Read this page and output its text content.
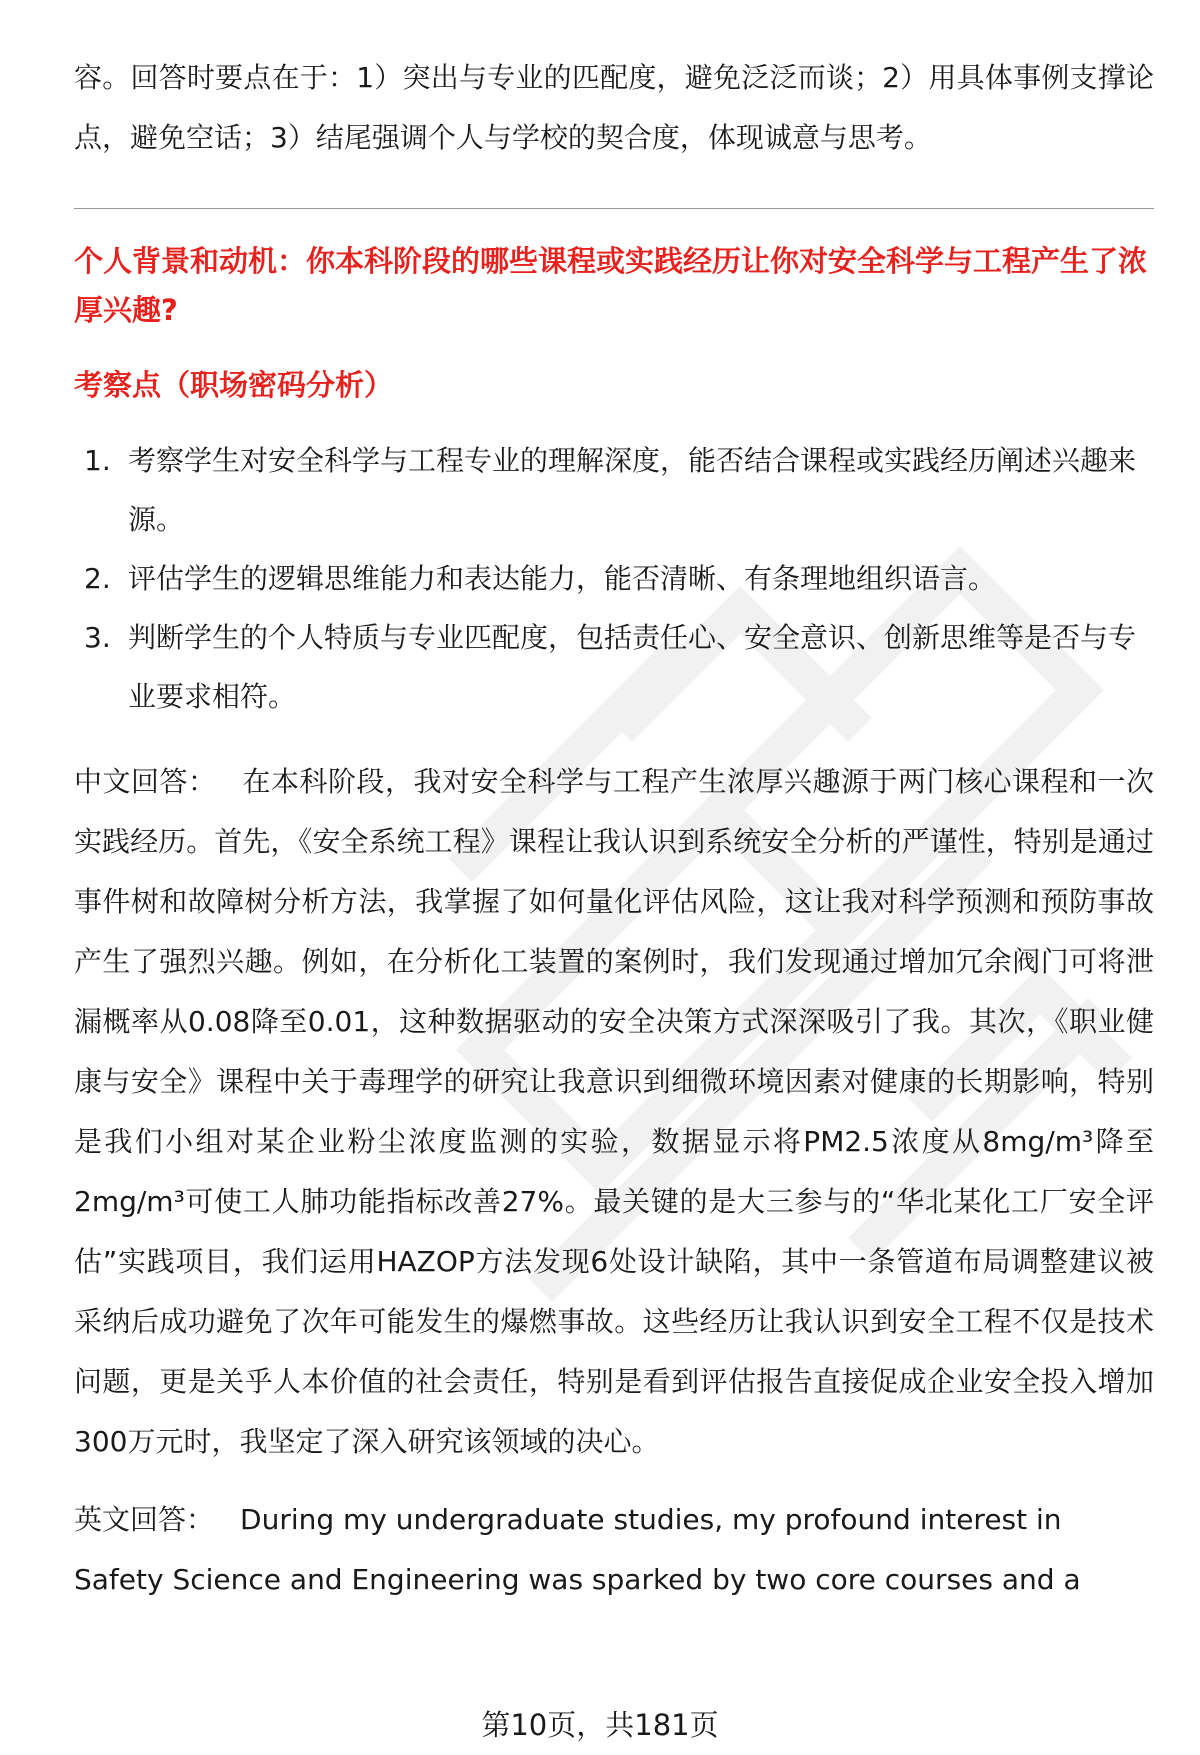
容。回答时要点在于：1）突出与专业的匹配度，避免泛泛而谈；2）用具体事例支撑论点，避免空话；3）结尾强调个人与学校的契合度，体现诚意与思考。

个人背景和动机：你本科阶段的哪些课程或实践经历让你对安全科学与工程产生了浓厚兴趣?

考察点（职场密码分析）

1. 考察学生对安全科学与工程专业的理解深度，能否结合课程或实践经历阐述兴趣来源。
2. 评估学生的逻辑思维能力和表达能力，能否清晰、有条理地组织语言。
3. 判断学生的个人特质与专业匹配度，包括责任心、安全意识、创新思维等是否与专业要求相符。

中文回答： 在本科阶段，我对安全科学与工程产生浓厚兴趣源于两门核心课程和一次实践经历。首先，《安全系统工程》课程让我认识到系统安全分析的严谨性，特别是通过事件树和故障树分析方法，我掌握了如何量化评估风险，这让我对科学预测和预防事故产生了强烈兴趣。例如，在分析化工装置的案例时，我们发现通过增加冗余阀门可将泄漏概率从0.08降至0.01，这种数据驱动的安全决策方式深深吸引了我。其次，《职业健康与安全》课程中关于毒理学的研究让我意识到细微环境因素对健康的长期影响，特别是我们小组对某企业粉尘浓度监测的实验，数据显示将PM2.5浓度从8mg/m³降至2mg/m³可使工人肺功能指标改善27%。最关键的是大三参与的“华北某化工厂安全评估”实践项目，我们运用HAZOP方法发现6处设计缺陷，其中一条管道布局调整建议被采纳后成功避免了次年可能发生的爆燃事故。这些经历让我认识到安全工程不仅是技术问题，更是关乎人本价值的社会责任，特别是看到评估报告直接促成企业安全投入增加300万元时，我坚定了深入研究该领域的决心。

英文回答： During my undergraduate studies, my profound interest in Safety Science and Engineering was sparked by two core courses and a

第10页，共181页
